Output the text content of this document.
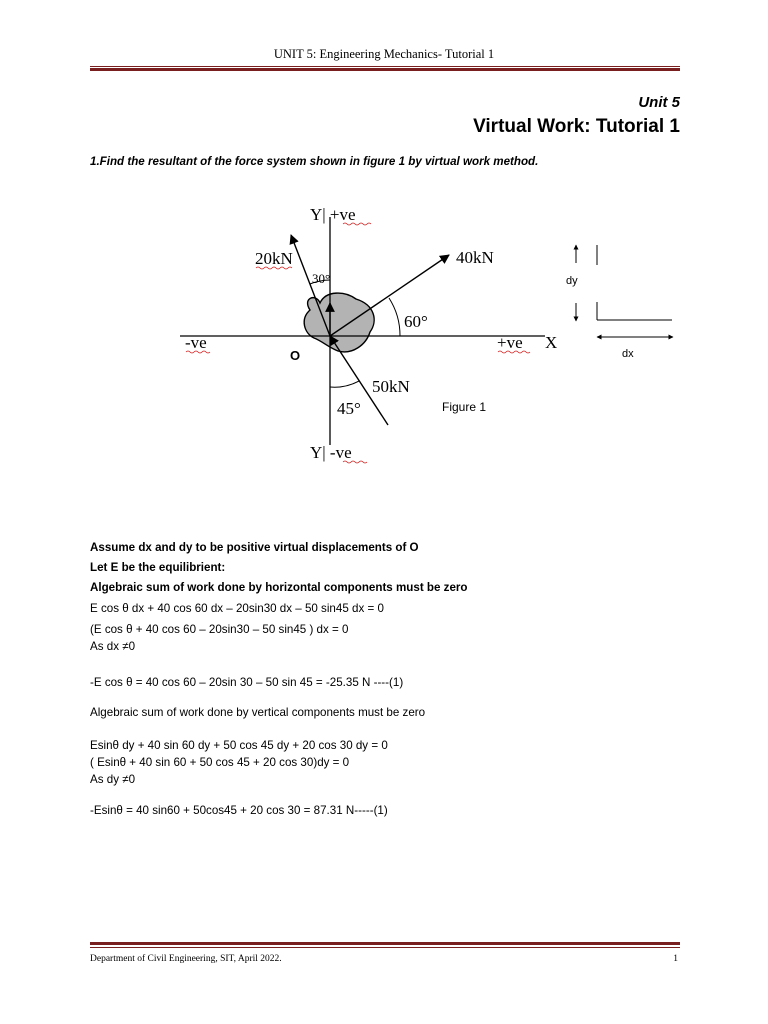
UNIT 5: Engineering Mechanics- Tutorial 1
Unit 5
Virtual Work: Tutorial 1
1.Find the resultant of the force system shown in figure 1 by virtual work method.
Y| +ve
Y| -ve
-ve	+ve X
20kN	40kN
50kN
30°
60°
45°
O
Figure 1
dy
dx
Assume dx and dy to be positive virtual displacements of O
Let E be the equilibrient:
Algebraic sum of work done by horizontal components must be zero
E cos θ dx + 40 cos 60 dx – 20sin30 dx – 50 sin45 dx = 0
(E cos θ + 40 cos 60 – 20sin30 – 50 sin45 ) dx = 0
As dx ≠0
-E cos θ = 40 cos 60 – 20sin 30 – 50 sin 45 = -25.35 N ----(1)
Algebraic sum of work done by vertical components must be zero
Esinθ dy + 40 sin 60 dy + 50 cos 45 dy + 20 cos 30 dy = 0
( Esinθ + 40 sin 60 + 50 cos 45 + 20 cos 30)dy = 0
As dy ≠0
-Esinθ = 40 sin60 + 50cos45 + 20 cos 30 = 87.31 N-----(1)
Department of Civil Engineering, SIT, April 2022.	1
